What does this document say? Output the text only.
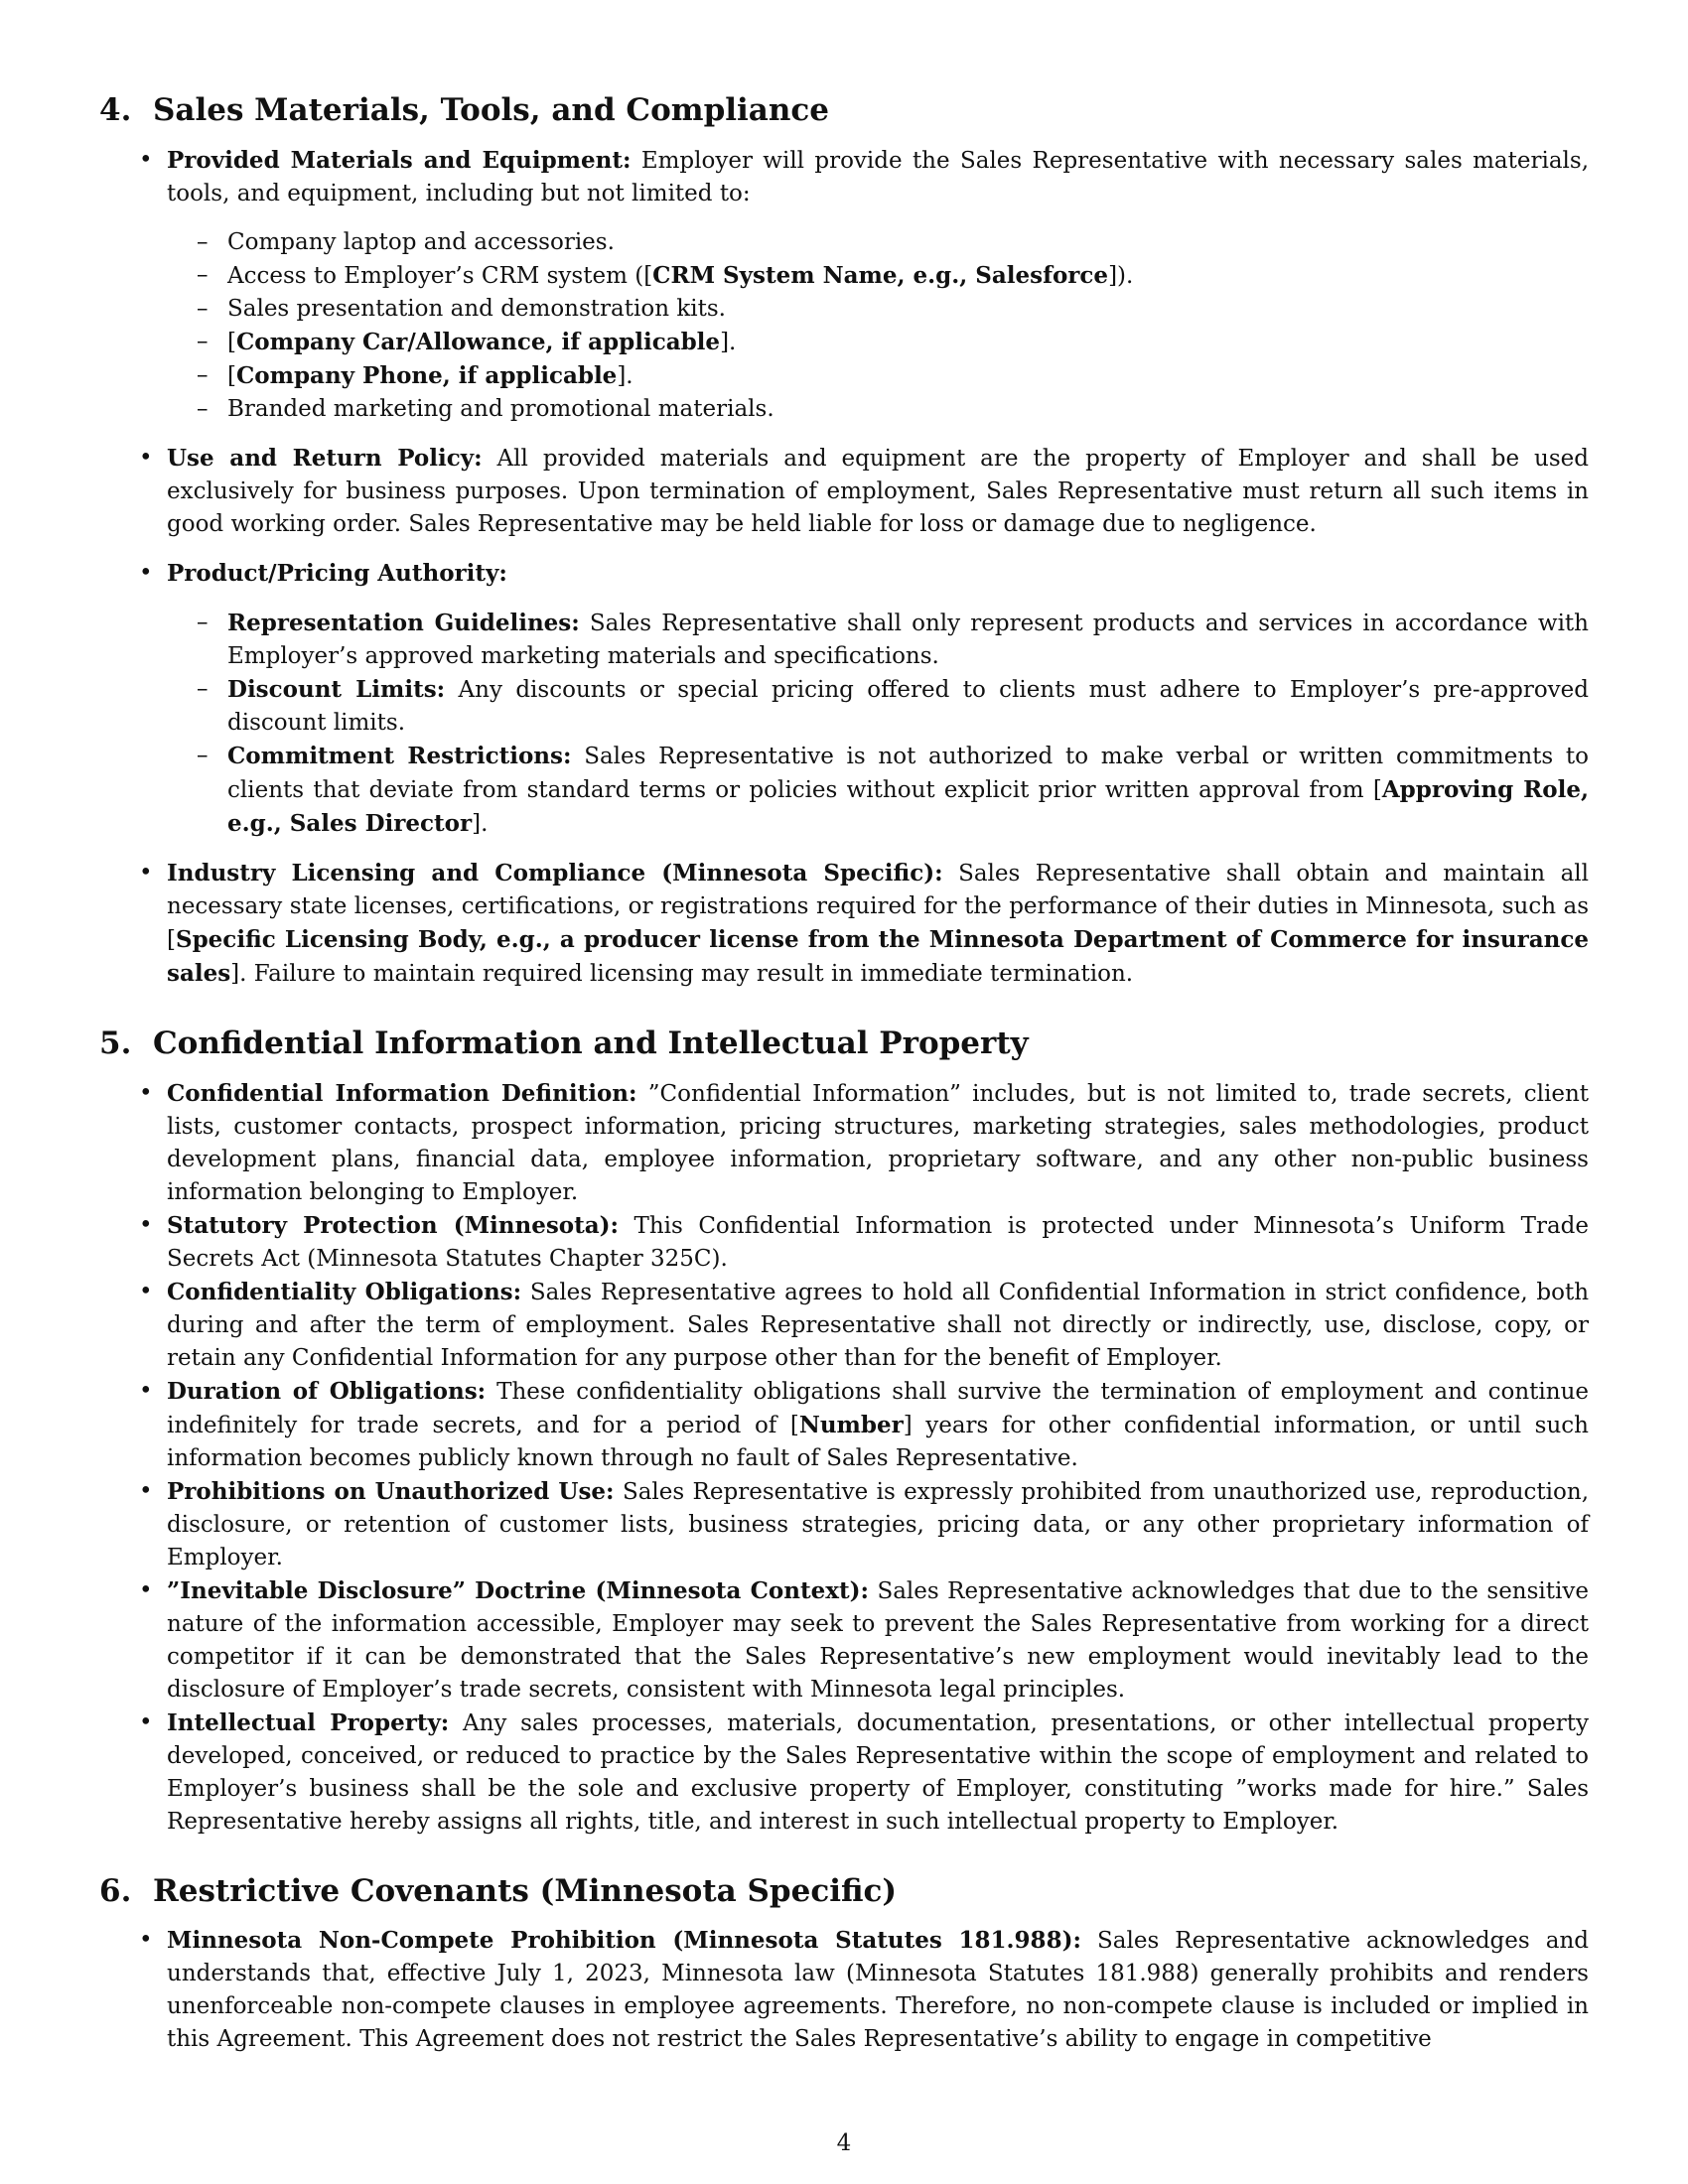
4. Sales Materials, Tools, and Compliance
• Provided Materials and Equipment: Employer will provide the Sales Representative with necessary sales materials, tools, and equipment, including but not limited to:
– Company laptop and accessories.
– Access to Employer’s CRM system ([CRM System Name, e.g., Salesforce]).
– Sales presentation and demonstration kits.
– [Company Car/Allowance, if applicable].
– [Company Phone, if applicable].
– Branded marketing and promotional materials.
• Use and Return Policy: All provided materials and equipment are the property of Employer and shall be used exclusively for business purposes. Upon termination of employment, Sales Representative must return all such items in good working order. Sales Representative may be held liable for loss or damage due to negligence.
• Product/Pricing Authority:
– Representation Guidelines: Sales Representative shall only represent products and services in accordance with Employer’s approved marketing materials and specifications.
– Discount Limits: Any discounts or special pricing offered to clients must adhere to Employer’s pre-approved discount limits.
– Commitment Restrictions: Sales Representative is not authorized to make verbal or written commitments to clients that deviate from standard terms or policies without explicit prior written approval from [Approving Role, e.g., Sales Director].
• Industry Licensing and Compliance (Minnesota Specific): Sales Representative shall obtain and maintain all necessary state licenses, certifications, or registrations required for the performance of their duties in Minnesota, such as [Specific Licensing Body, e.g., a producer license from the Minnesota Department of Commerce for insurance sales]. Failure to maintain required licensing may result in immediate termination.
5. Confidential Information and Intellectual Property
• Confidential Information Definition: ”Confidential Information” includes, but is not limited to, trade secrets, client lists, customer contacts, prospect information, pricing structures, marketing strategies, sales methodologies, product development plans, financial data, employee information, proprietary software, and any other non-public business information belonging to Employer.
• Statutory Protection (Minnesota): This Confidential Information is protected under Minnesota’s Uniform Trade Secrets Act (Minnesota Statutes Chapter 325C).
• Confidentiality Obligations: Sales Representative agrees to hold all Confidential Information in strict confidence, both during and after the term of employment. Sales Representative shall not directly or indirectly, use, disclose, copy, or retain any Confidential Information for any purpose other than for the benefit of Employer.
• Duration of Obligations: These confidentiality obligations shall survive the termination of employment and continue indefinitely for trade secrets, and for a period of [Number] years for other confidential information, or until such information becomes publicly known through no fault of Sales Representative.
• Prohibitions on Unauthorized Use: Sales Representative is expressly prohibited from unauthorized use, reproduction, disclosure, or retention of customer lists, business strategies, pricing data, or any other proprietary information of Employer.
• ”Inevitable Disclosure” Doctrine (Minnesota Context): Sales Representative acknowledges that due to the sensitive nature of the information accessible, Employer may seek to prevent the Sales Representative from working for a direct competitor if it can be demonstrated that the Sales Representative’s new employment would inevitably lead to the disclosure of Employer’s trade secrets, consistent with Minnesota legal principles.
• Intellectual Property: Any sales processes, materials, documentation, presentations, or other intellectual property developed, conceived, or reduced to practice by the Sales Representative within the scope of employment and related to Employer’s business shall be the sole and exclusive property of Employer, constituting ”works made for hire.” Sales Representative hereby assigns all rights, title, and interest in such intellectual property to Employer.
6. Restrictive Covenants (Minnesota Specific)
• Minnesota Non-Compete Prohibition (Minnesota Statutes 181.988): Sales Representative acknowledges and understands that, effective July 1, 2023, Minnesota law (Minnesota Statutes 181.988) generally prohibits and renders unenforceable non-compete clauses in employee agreements. Therefore, no non-compete clause is included or implied in this Agreement. This Agreement does not restrict the Sales Representative’s ability to engage in competitive
4
